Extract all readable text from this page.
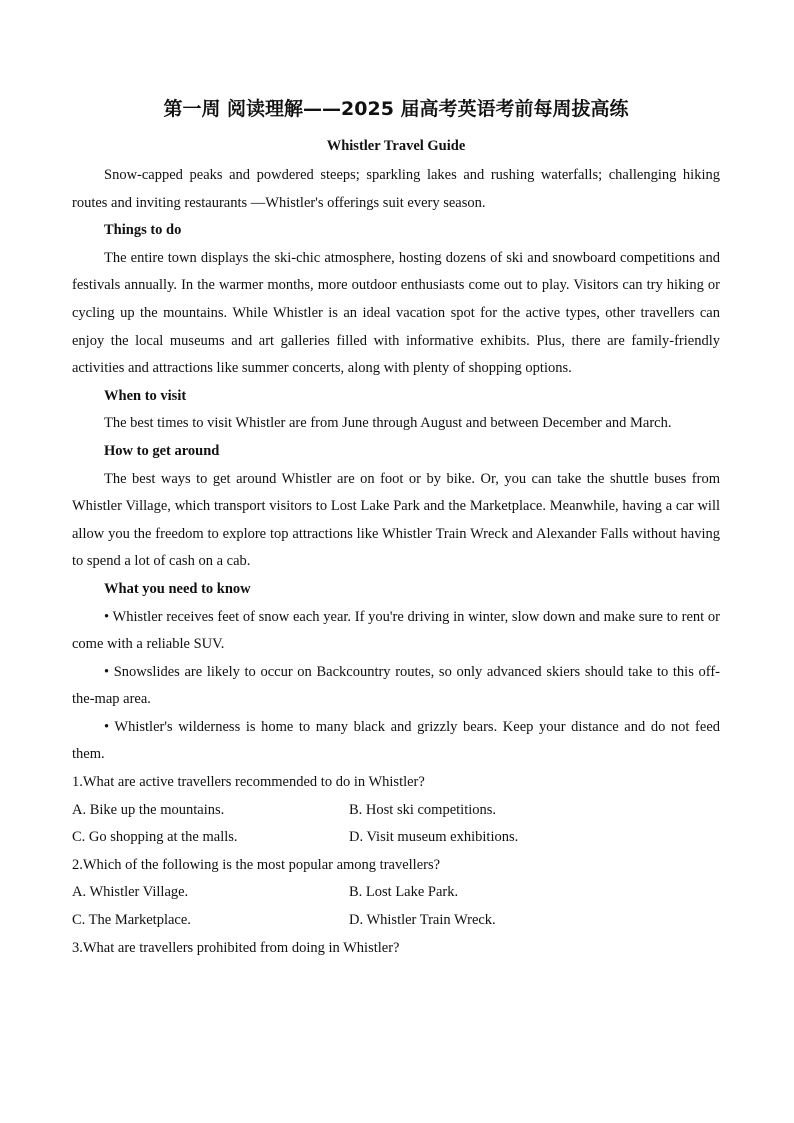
第一周 阅读理解——2025 届高考英语考前每周拔高练
Whistler Travel Guide

Snow-capped peaks and powdered steeps; sparkling lakes and rushing waterfalls; challenging hiking routes and inviting restaurants —Whistler's offerings suit every season.

Things to do

The entire town displays the ski-chic atmosphere, hosting dozens of ski and snowboard competitions and festivals annually. In the warmer months, more outdoor enthusiasts come out to play. Visitors can try hiking or cycling up the mountains. While Whistler is an ideal vacation spot for the active types, other travellers can enjoy the local museums and art galleries filled with informative exhibits. Plus, there are family-friendly activities and attractions like summer concerts, along with plenty of shopping options.

When to visit

The best times to visit Whistler are from June through August and between December and March.

How to get around

The best ways to get around Whistler are on foot or by bike. Or, you can take the shuttle buses from Whistler Village, which transport visitors to Lost Lake Park and the Marketplace. Meanwhile, having a car will allow you the freedom to explore top attractions like Whistler Train Wreck and Alexander Falls without having to spend a lot of cash on a cab.

What you need to know

• Whistler receives feet of snow each year. If you're driving in winter, slow down and make sure to rent or come with a reliable SUV.

• Snowslides are likely to occur on Backcountry routes, so only advanced skiers should take to this off-the-map area.

• Whistler's wilderness is home to many black and grizzly bears. Keep your distance and do not feed them.

1.What are active travellers recommended to do in Whistler?
A. Bike up the mountains.	B. Host ski competitions.
C. Go shopping at the malls.	D. Visit museum exhibitions.
2.Which of the following is the most popular among travellers?
A. Whistler Village.	B. Lost Lake Park.
C. The Marketplace.	D. Whistler Train Wreck.
3.What are travellers prohibited from doing in Whistler?
